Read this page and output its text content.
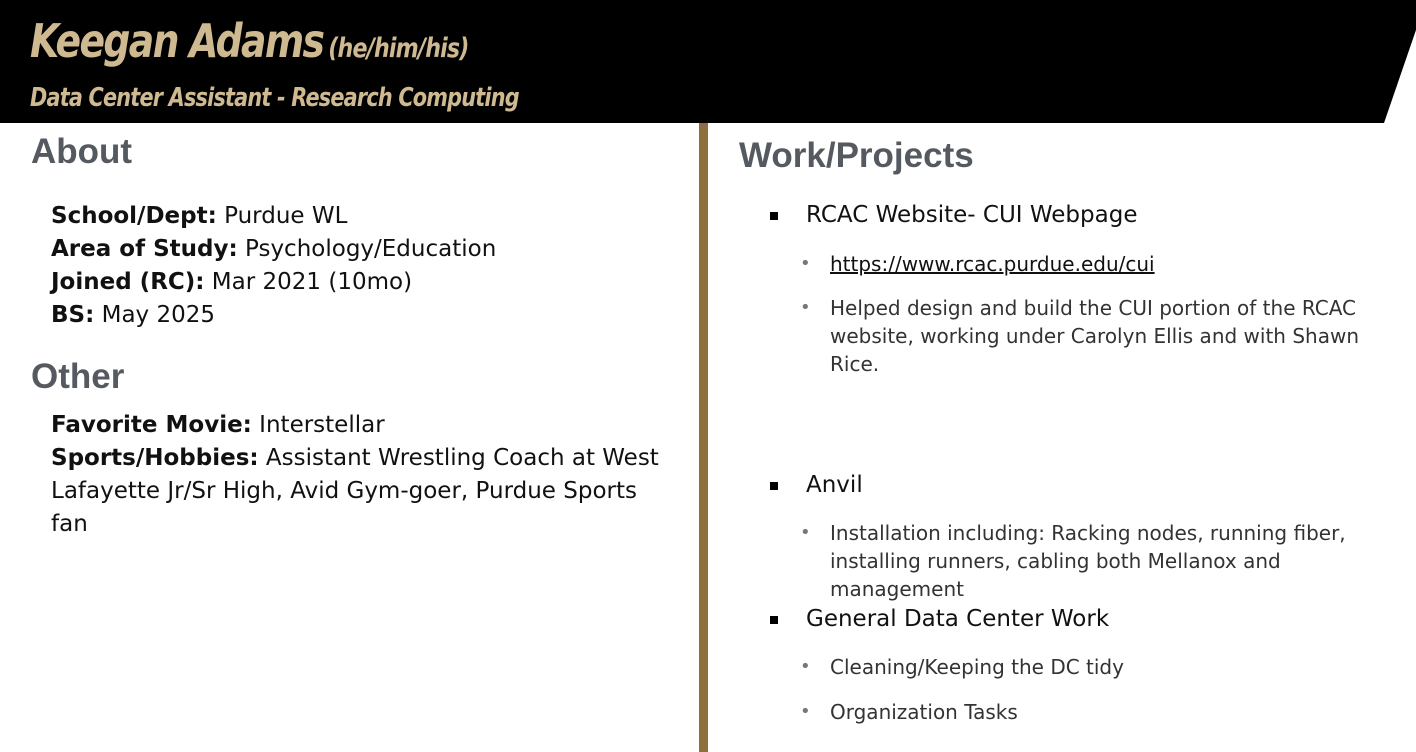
Keegan Adams (he/him/his)
Data Center Assistant - Research Computing
About
School/Dept: Purdue WL
Area of Study: Psychology/Education
Joined (RC): Mar 2021 (10mo)
BS: May 2025
Other
Favorite Movie: Interstellar
Sports/Hobbies: Assistant Wrestling Coach at West Lafayette Jr/Sr High, Avid Gym-goer, Purdue Sports fan
Work/Projects
RCAC Website- CUI Webpage
• https://www.rcac.purdue.edu/cui
• Helped design and build the CUI portion of the RCAC website, working under Carolyn Ellis and with Shawn Rice.
Anvil
• Installation including: Racking nodes, running fiber, installing runners, cabling both Mellanox and management
General Data Center Work
• Cleaning/Keeping the DC tidy
• Organization Tasks
